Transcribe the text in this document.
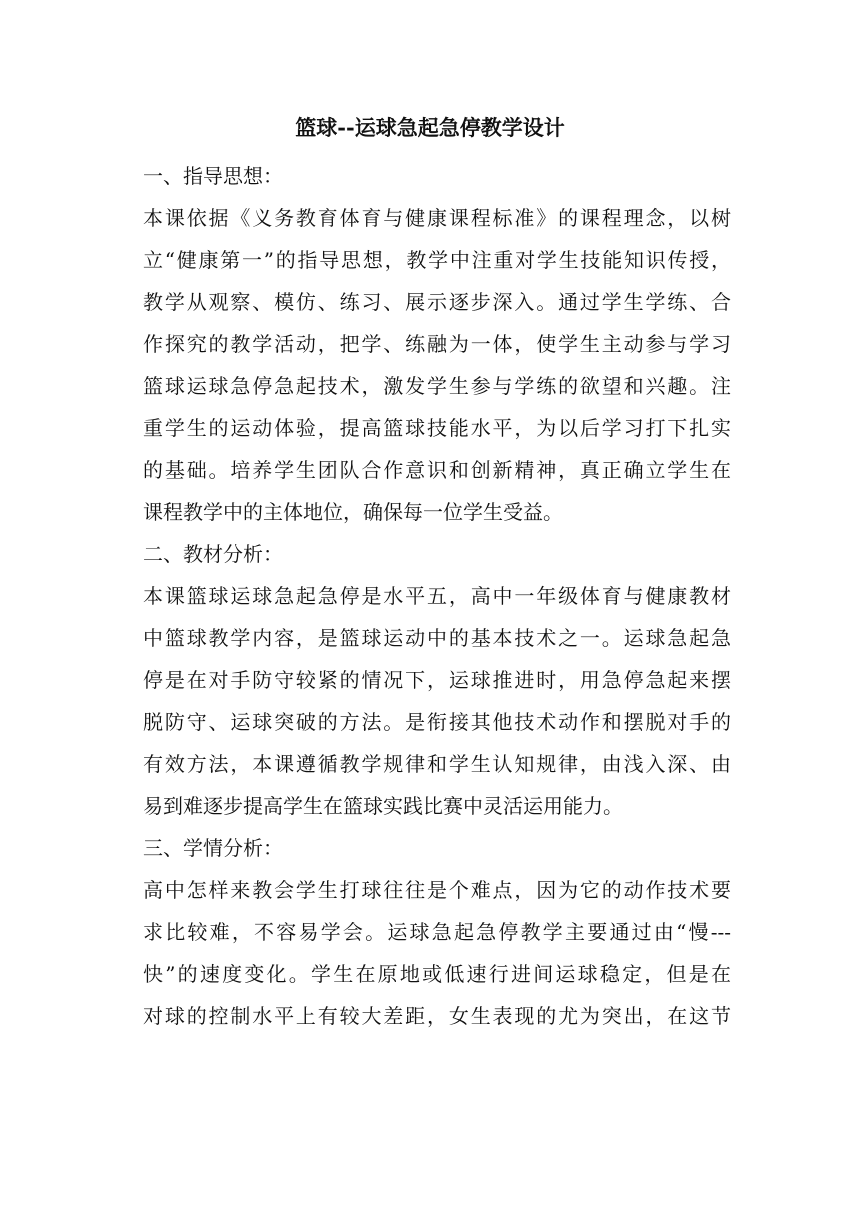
篮球--运球急起急停教学设计
一、指导思想：
本课依据《义务教育体育与健康课程标准》的课程理念，以树
立“健康第一”的指导思想，教学中注重对学生技能知识传授，
教学从观察、模仿、练习、展示逐步深入。通过学生学练、合
作探究的教学活动，把学、练融为一体，使学生主动参与学习
篮球运球急停急起技术，激发学生参与学练的欲望和兴趣。注
重学生的运动体验，提高篮球技能水平，为以后学习打下扎实
的基础。培养学生团队合作意识和创新精神，真正确立学生在
课程教学中的主体地位，确保每一位学生受益。
二、教材分析：
本课篮球运球急起急停是水平五，高中一年级体育与健康教材
中篮球教学内容，是篮球运动中的基本技术之一。运球急起急
停是在对手防守较紧的情况下，运球推进时，用急停急起来摆
脱防守、运球突破的方法。是衔接其他技术动作和摆脱对手的
有效方法，本课遵循教学规律和学生认知规律，由浅入深、由
易到难逐步提高学生在篮球实践比赛中灵活运用能力。
三、学情分析：
高中怎样来教会学生打球往往是个难点，因为它的动作技术要
求比较难，不容易学会。运球急起急停教学主要通过由“慢---
快”的速度变化。学生在原地或低速行进间运球稳定，但是在
对球的控制水平上有较大差距，女生表现的尤为突出，在这节
